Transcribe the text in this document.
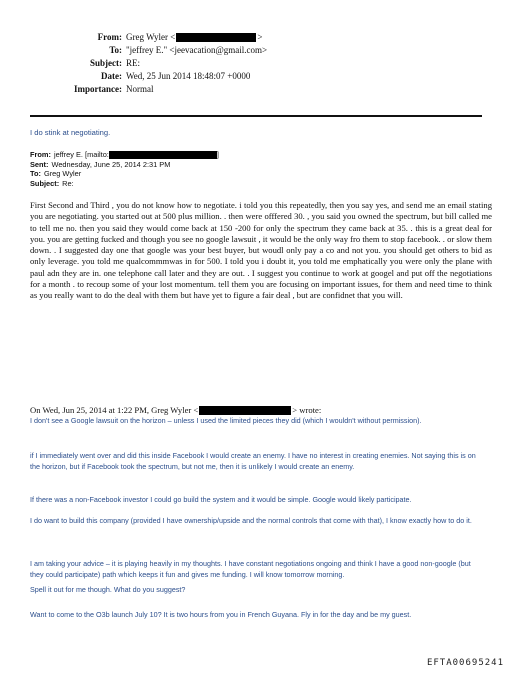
From: Greg Wyler <	>
To: "jeffrey E." <jeevacation@gmail.com>
Subject: RE:
Date: Wed, 25 Jun 2014 18:48:07 +0000
Importance: Normal
I do stink at negotiating.
From: jeffrey E. [mailto:	]
Sent: Wednesday, June 25, 2014 2:31 PM
To: Greg Wyler
Subject: Re:
First Second and Third , you do not know how to negotiate. i told you this repeatedly, then you say yes, and send me an email stating you are negotiating. you started out at 500 plus million. . then were offfered 30. , you said you owned the spectrum, but bill called me to tell me no. then you said they would come back at 150 -200 for only the spectrum they came back at 35. . this is a great deal for you. you are getting fucked and though you see no google lawsuit , it would be the only way fro them to stop facebook. . or slow them down. . I suggested day one that google was your best buyer, but woudl only pay a co and not you. you should get others to bid as only leverage. you told me qualcommmwas in for 500. I told you i doubt it, you told me emphatically you were only the plane with paul adn they are in. one telephone call later and they are out. . I suggest you continue to work at googel and put off the negotiations for a month . to recoup some of your lost momentum. tell them you are focusing on important issues, for them and need time to think as you really want to do the deal with them but have yet to figure a fair deal , but are confidnet that you will.
On Wed, Jun 25, 2014 at 1:22 PM, Greg Wyler <	> wrote:
I don't see a Google lawsuit on the horizon – unless I used the limited pieces they did (which I wouldn't without permission).
if I immediately went over and did this inside Facebook I would create an enemy. I have no interest in creating enemies. Not saying this is on the horizon, but if Facebook took the spectrum, but not me, then it is unlikely I would create an enemy.
If there was a non-Facebook investor I could go build the system and it would be simple. Google would likely participate.
I do want to build this company (provided I have ownership/upside and the normal controls that come with that), I know exactly how to do it.
I am taking your advice – it is playing heavily in my thoughts. I have constant negotiations ongoing and think I have a good non-google (but they could participate) path which keeps it fun and gives me funding. I will know tomorrow morning.
Spell it out for me though. What do you suggest?
Want to come to the O3b launch July 10? It is two hours from you in French Guyana. Fly in for the day and be my guest.
EFTA00695241
